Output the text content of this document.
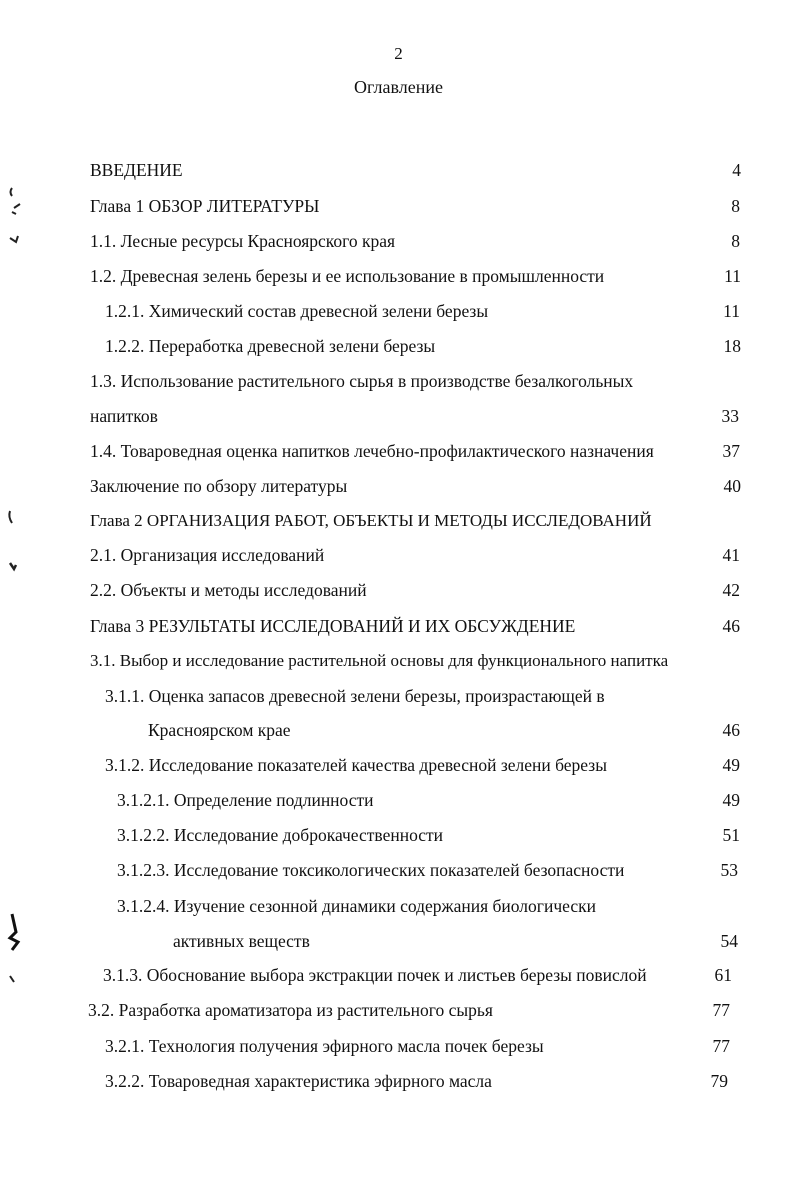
2
Оглавление
ВВЕДЕНИЕ	4
Глава 1 ОБЗОР ЛИТЕРАТУРЫ	8
1.1. Лесные ресурсы Красноярского края	8
1.2. Древесная зелень березы и ее использование в промышленности	11
1.2.1. Химический состав древесной зелени березы	11
1.2.2. Переработка древесной зелени березы	18
1.3. Использование растительного сырья в производстве безалкогольных
напитков	33
1.4. Товароведная оценка напитков лечебно-профилактического назначения	37
Заключение по обзору литературы	40
Глава 2 ОРГАНИЗАЦИЯ РАБОТ, ОБЪЕКТЫ И МЕТОДЫ ИССЛЕДОВАНИЙ
2.1. Организация исследований	41
2.2. Объекты и методы исследований	42
Глава 3 РЕЗУЛЬТАТЫ ИССЛЕДОВАНИЙ И ИХ ОБСУЖДЕНИЕ	46
3.1. Выбор и исследование растительной основы для функционального напитка
3.1.1. Оценка запасов древесной зелени березы, произрастающей в
Красноярском крае	46
3.1.2. Исследование показателей качества древесной зелени березы	49
3.1.2.1. Определение подлинности	49
3.1.2.2. Исследование доброкачественности	51
3.1.2.3. Исследование токсикологических показателей безопасности	53
3.1.2.4. Изучение сезонной динамики содержания биологически
активных веществ	54
3.1.3. Обоснование выбора экстракции почек и листьев березы повислой	61
3.2. Разработка ароматизатора из растительного сырья	77
3.2.1. Технология получения эфирного масла почек березы	77
3.2.2. Товароведная характеристика эфирного масла	79
